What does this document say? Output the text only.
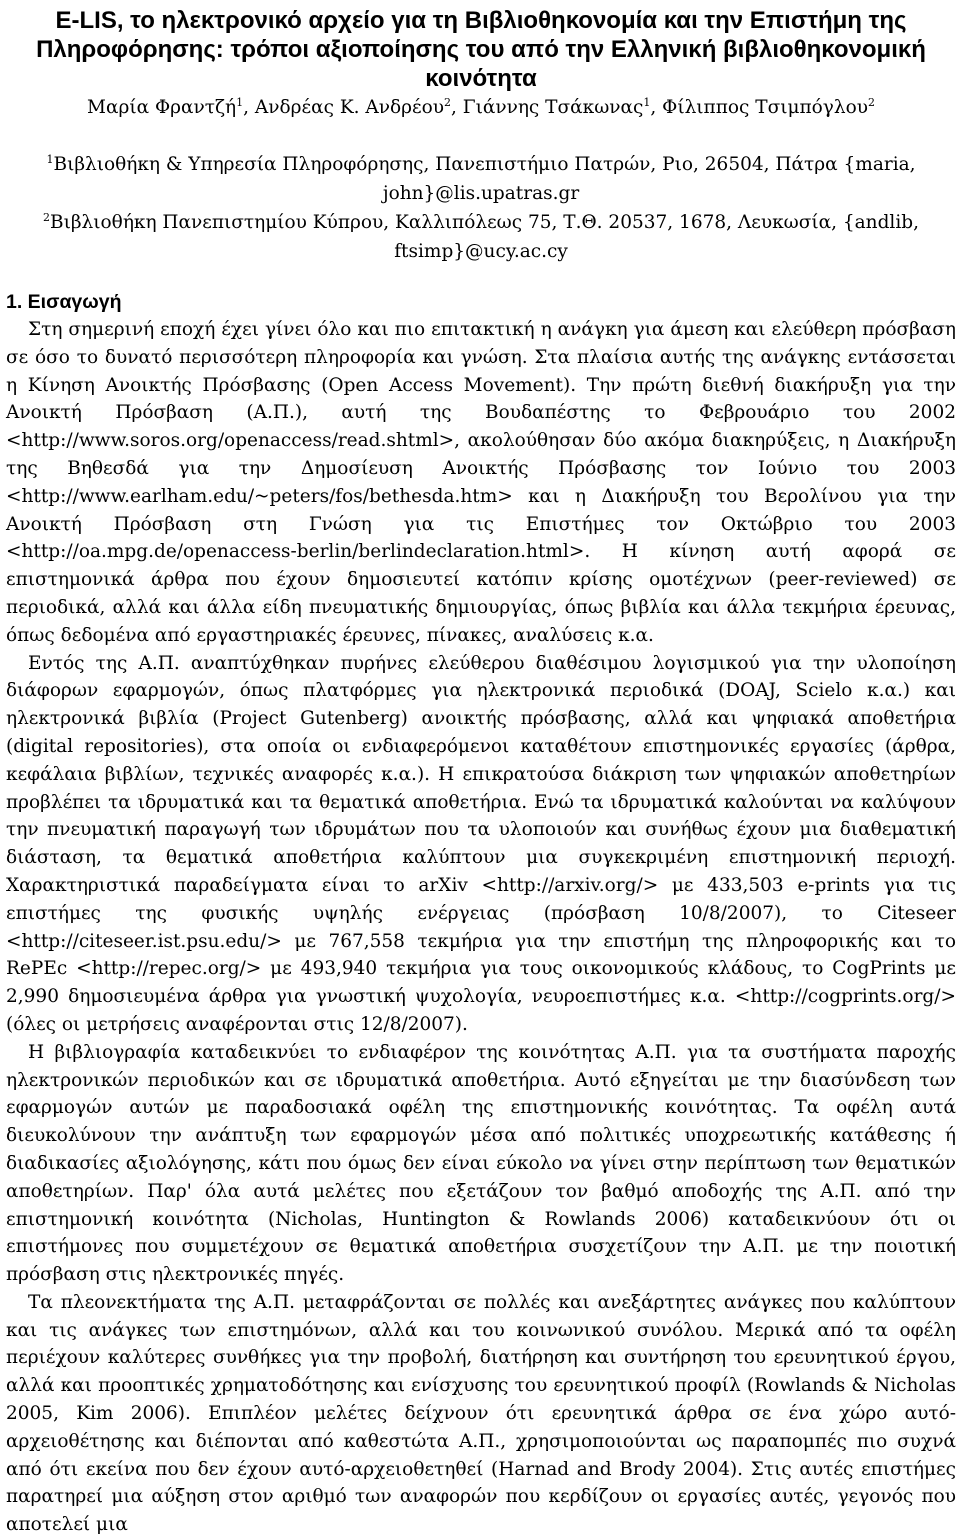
E-LIS, το ηλεκτρονικό αρχείο για τη Βιβλιοθηκονομία και την Επιστήμη της Πληροφόρησης: τρόποι αξιοποίησης του από την Ελληνική βιβλιοθηκονομική κοινότητα
Μαρία Φραντζή$^1$, Ανδρέας Κ. Ανδρέου$^2$, Γιάννης Τσάκωνας$^1$, Φίλιππος Τσιμπόγλου$^2$

$^1$Βιβλιοθήκη & Υπηρεσία Πληροφόρησης, Πανεπιστήμιο Πατρών, Ριο, 26504, Πάτρα {maria, john}@lis.upatras.gr

$^2$Βιβλιοθήκη Πανεπιστημίου Κύπρου, Καλλιπόλεως 75, Τ.Θ. 20537, 1678, Λευκωσία, {andlib, ftsimp}@ucy.ac.cy

1. Εισαγωγή

Στη σημερινή εποχή έχει γίνει όλο και πιο επιτακτική η ανάγκη για άμεση και ελεύθερη πρόσβαση σε όσο το δυνατό περισσότερη πληροφορία και γνώση. Στα πλαίσια αυτής της ανάγκης εντάσσεται η Κίνηση Ανοικτής Πρόσβασης (Open Access Movement). Την πρώτη διεθνή διακήρυξη για την Ανοικτή Πρόσβαση (Α.Π.), αυτή της Βουδαπέστης το Φεβρουάριο του 2002 <http://www.soros.org/openaccess/read.shtml>, ακολούθησαν δύο ακόμα διακηρύξεις, η Διακήρυξη της Βηθεσδά για την Δημοσίευση Ανοικτής Πρόσβασης τον Ιούνιο του 2003 <http://www.earlham.edu/~peters/fos/bethesda.htm> και η Διακήρυξη του Βερολίνου για την Ανοικτή Πρόσβαση στη Γνώση για τις Επιστήμες τον Οκτώβριο του 2003 <http://oa.mpg.de/openaccess-berlin/berlindeclaration.html>. Η κίνηση αυτή αφορά σε επιστημονικά άρθρα που έχουν δημοσιευτεί κατόπιν κρίσης ομοτέχνων (peer-reviewed) σε περιοδικά, αλλά και άλλα είδη πνευματικής δημιουργίας, όπως βιβλία και άλλα τεκμήρια έρευνας, όπως δεδομένα από εργαστηριακές έρευνες, πίνακες, αναλύσεις κ.α.

Εντός της Α.Π. αναπτύχθηκαν πυρήνες ελεύθερου διαθέσιμου λογισμικού για την υλοποίηση διάφορων εφαρμογών, όπως πλατφόρμες για ηλεκτρονικά περιοδικά (DOAJ, Scielo κ.α.) και ηλεκτρονικά βιβλία (Project Gutenberg) ανοικτής πρόσβασης, αλλά και ψηφιακά αποθετήρια (digital repositories), στα οποία οι ενδιαφερόμενοι καταθέτουν επιστημονικές εργασίες (άρθρα, κεφάλαια βιβλίων, τεχνικές αναφορές κ.α.). Η επικρατούσα διάκριση των ψηφιακών αποθετηρίων προβλέπει τα ιδρυματικά και τα θεματικά αποθετήρια. Ενώ τα ιδρυματικά καλούνται να καλύψουν την πνευματική παραγωγή των ιδρυμάτων που τα υλοποιούν και συνήθως έχουν μια διαθεματική διάσταση, τα θεματικά αποθετήρια καλύπτουν μια συγκεκριμένη επιστημονική περιοχή. Χαρακτηριστικά παραδείγματα είναι το arXiv <http://arxiv.org/> με 433,503 e-prints για τις επιστήμες της φυσικής υψηλής ενέργειας (πρόσβαση 10/8/2007), το Citeseer <http://citeseer.ist.psu.edu/> με 767,558 τεκμήρια για την επιστήμη της πληροφορικής και το RePEc <http://repec.org/> με 493,940 τεκμήρια για τους οικονομικούς κλάδους, το CogPrints με 2,990 δημοσιευμένα άρθρα για γνωστική ψυχολογία, νευροεπιστήμες κ.α. <http://cogprints.org/> (όλες οι μετρήσεις αναφέρονται στις 12/8/2007).

Η βιβλιογραφία καταδεικνύει το ενδιαφέρον της κοινότητας Α.Π. για τα συστήματα παροχής ηλεκτρονικών περιοδικών και σε ιδρυματικά αποθετήρια. Αυτό εξηγείται με την διασύνδεση των εφαρμογών αυτών με παραδοσιακά οφέλη της επιστημονικής κοινότητας. Τα οφέλη αυτά διευκολύνουν την ανάπτυξη των εφαρμογών μέσα από πολιτικές υποχρεωτικής κατάθεσης ή διαδικασίες αξιολόγησης, κάτι που όμως δεν είναι εύκολο να γίνει στην περίπτωση των θεματικών αποθετηρίων. Παρ' όλα αυτά μελέτες που εξετάζουν τον βαθμό αποδοχής της Α.Π. από την επιστημονική κοινότητα (Nicholas, Huntington & Rowlands 2006) καταδεικνύουν ότι οι επιστήμονες που συμμετέχουν σε θεματικά αποθετήρια συσχετίζουν την Α.Π. με την ποιοτική πρόσβαση στις ηλεκτρονικές πηγές.

Τα πλεονεκτήματα της Α.Π. μεταφράζονται σε πολλές και ανεξάρτητες ανάγκες που καλύπτουν και τις ανάγκες των επιστημόνων, αλλά και του κοινωνικού συνόλου. Μερικά από τα οφέλη περιέχουν καλύτερες συνθήκες για την προβολή, διατήρηση και συντήρηση του ερευνητικού έργου, αλλά και προοπτικές χρηματοδότησης και ενίσχυσης του ερευνητικού προφίλ (Rowlands & Nicholas 2005, Kim 2006). Επιπλέον μελέτες δείχνουν ότι ερευνητικά άρθρα σε ένα χώρο αυτό-αρχειοθέτησης και διέπονται από καθεστώτα Α.Π., χρησιμοποιούνται ως παραπομπές πιο συχνά από ότι εκείνα που δεν έχουν αυτό-αρχειοθετηθεί (Harnad and Brody 2004). Στις αυτές επιστήμες παρατηρεί μια αύξηση στον αριθμό των αναφορών που κερδίζουν οι εργασίες αυτές, γεγονός που αποτελεί μια
